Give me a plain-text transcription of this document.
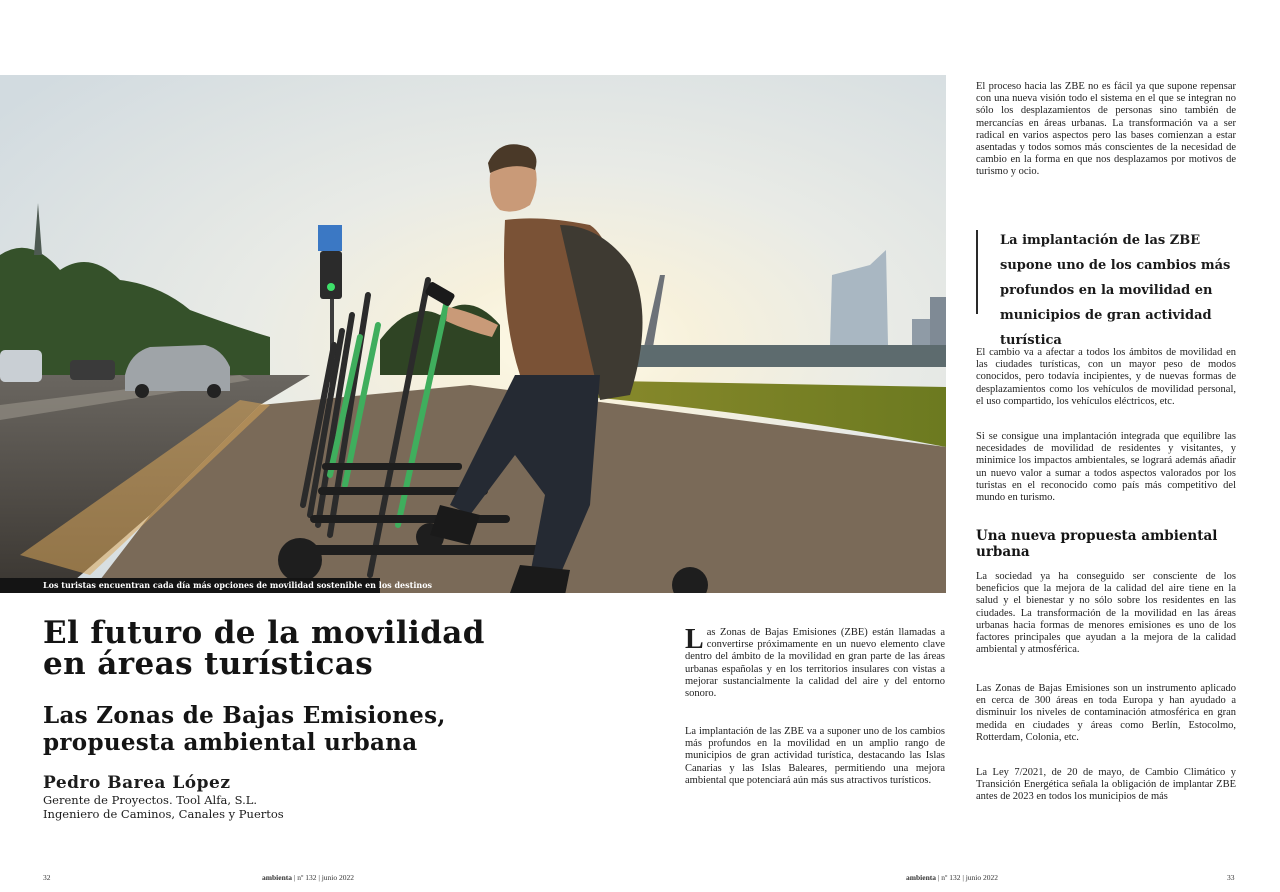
Los turistas encuentran cada día más opciones de movilidad sostenible en los destinos
El futuro de la movilidad
en áreas turísticas
Las Zonas de Bajas Emisiones,
propuesta ambiental urbana
Pedro Barea López
Gerente de Proyectos. Tool Alfa, S.L.
Ingeniero de Caminos, Canales y Puertos

Las Zonas de Bajas Emisiones (ZBE) están llamadas a convertirse próximamente en un nuevo elemento clave dentro del ámbito de la movilidad en gran parte de las áreas urbanas españolas y en los territorios insulares con vistas a mejorar sustancialmente la calidad del aire y del entorno sonoro.

La implantación de las ZBE va a suponer uno de los cambios más profundos en la movilidad en un amplio rango de municipios de gran actividad turística, destacando las Islas Canarias y las Islas Baleares, permitiendo una mejora ambiental que potenciará aún más sus atractivos turísticos.

El proceso hacia las ZBE no es fácil ya que supone repensar con una nueva visión todo el sistema en el que se integran no sólo los desplazamientos de personas sino también de mercancías en áreas urbanas. La transformación va a ser radical en varios aspectos pero las bases comienzan a estar asentadas y todos somos más conscientes de la necesidad de cambio en la forma en que nos desplazamos por motivos de turismo y ocio.

La implantación de las ZBE supone uno de los cambios más profundos en la movilidad en municipios de gran actividad turística

El cambio va a afectar a todos los ámbitos de movilidad en las ciudades turísticas, con un mayor peso de modos conocidos, pero todavía incipientes, y de nuevas formas de desplazamientos como los vehículos de movilidad personal, el uso compartido, los vehículos eléctricos, etc.

Si se consigue una implantación integrada que equilibre las necesidades de movilidad de residentes y visitantes, y minimice los impactos ambientales, se logrará además añadir un nuevo valor a sumar a todos aspectos valorados por los turistas en el reconocido como país más competitivo del mundo en turismo.

Una nueva propuesta ambiental urbana

La sociedad ya ha conseguido ser consciente de los beneficios que la mejora de la calidad del aire tiene en la salud y el bienestar y no sólo sobre los residentes en las ciudades. La transformación de la movilidad en las áreas urbanas hacia formas de menores emisiones es uno de los factores principales que ayudan a la mejora de la calidad ambiental y atmosférica.

Las Zonas de Bajas Emisiones son un instrumento aplicado en cerca de 300 áreas en toda Europa y han ayudado a disminuir los niveles de contaminación atmosférica en gran medida en ciudades y áreas como Berlín, Estocolmo, Rotterdam, Colonia, etc.

La Ley 7/2021, de 20 de mayo, de Cambio Climático y Transición Energética señala la obligación de implantar ZBE antes de 2023 en todos los municipios de más

32	ambienta | nº 132 | junio 2022	ambienta | nº 132 | junio 2022	33
